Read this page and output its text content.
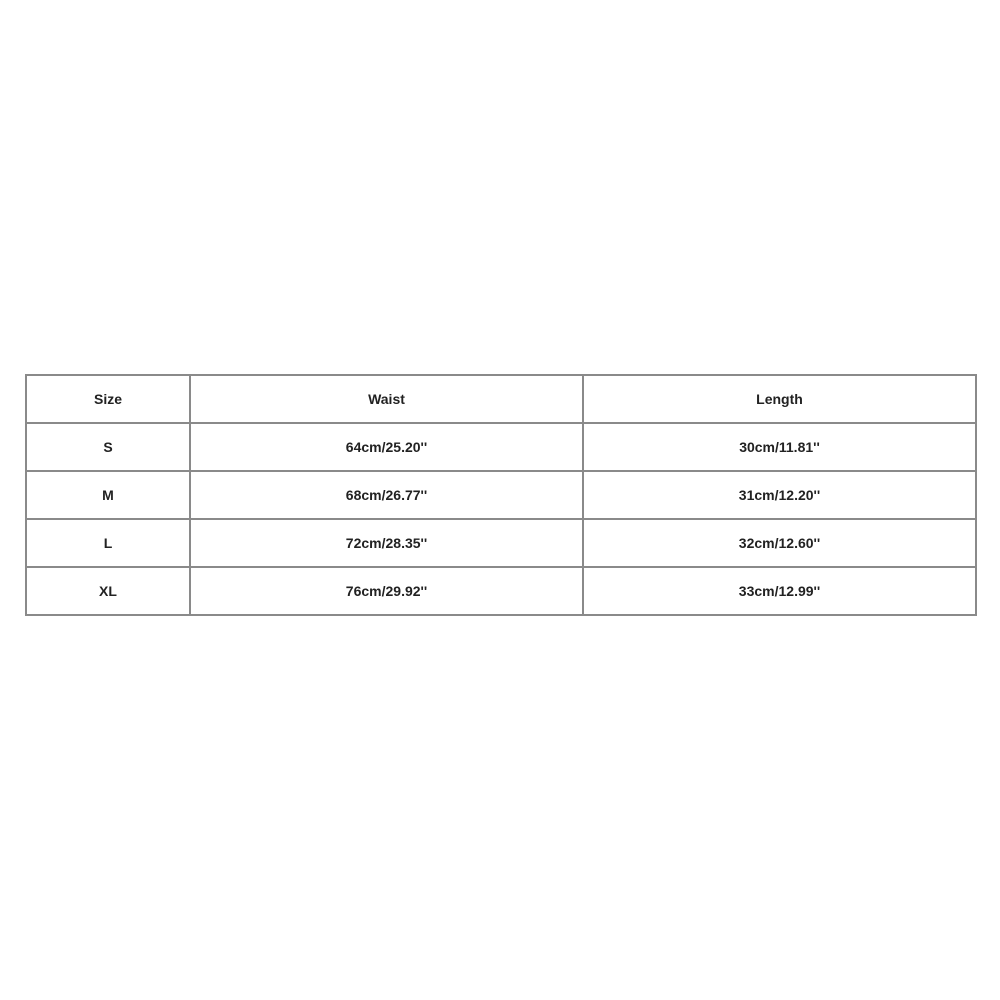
Size	Waist	Length
S	64cm/25.20''	30cm/11.81''
M	68cm/26.77''	31cm/12.20''
L	72cm/28.35''	32cm/12.60''
XL	76cm/29.92''	33cm/12.99''
